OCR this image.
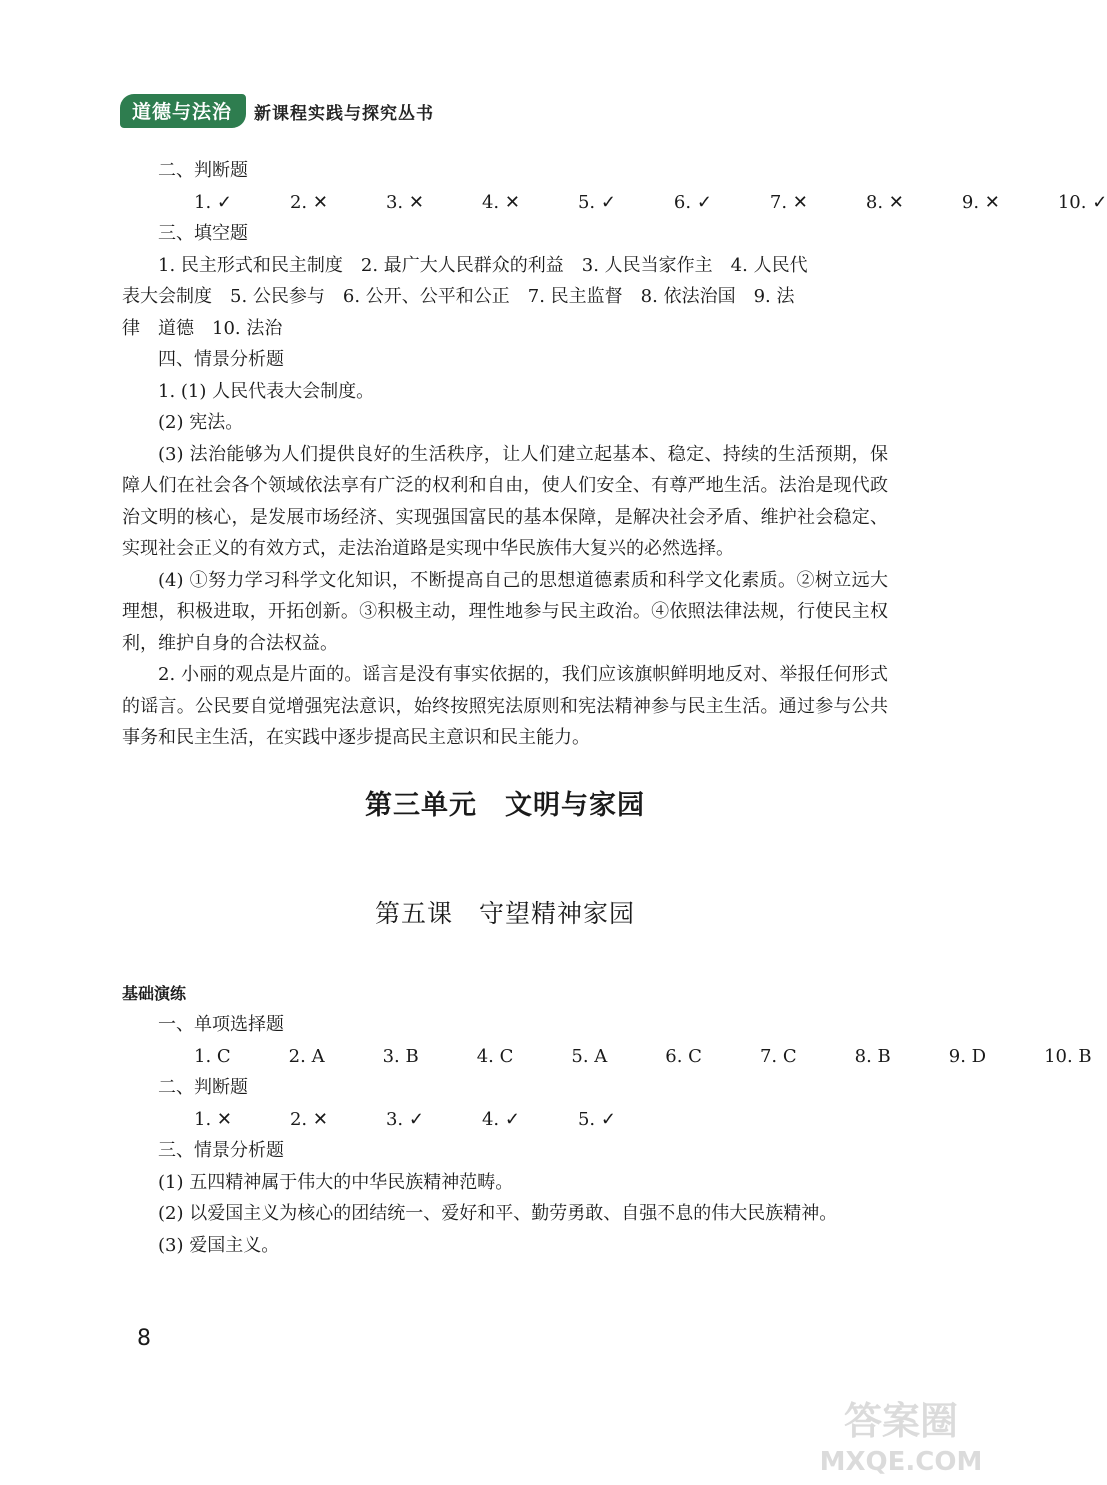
道德与法治	新课程实践与探究丛书

二、判断题

1. ✓	2. ✕	3. ✕	4. ✕	5. ✓	6. ✓	7. ✕	8. ✕	9. ✕	10. ✓

三、填空题

1. 民主形式和民主制度　2. 最广大人民群众的利益　3. 人民当家作主　4. 人民代

表大会制度　5. 公民参与　6. 公开、公平和公正　7. 民主监督　8. 依法治国　9. 法

律　道德　10. 法治

四、情景分析题

1. (1) 人民代表大会制度。

(2) 宪法。

(3) 法治能够为人们提供良好的生活秩序，让人们建立起基本、稳定、持续的生活预期，保障人们在社会各个领域依法享有广泛的权利和自由，使人们安全、有尊严地生活。法治是现代政治文明的核心，是发展市场经济、实现强国富民的基本保障，是解决社会矛盾、维护社会稳定、实现社会正义的有效方式，走法治道路是实现中华民族伟大复兴的必然选择。

(4) ①努力学习科学文化知识，不断提高自己的思想道德素质和科学文化素质。②树立远大理想，积极进取，开拓创新。③积极主动，理性地参与民主政治。④依照法律法规，行使民主权利，维护自身的合法权益。

2. 小丽的观点是片面的。谣言是没有事实依据的，我们应该旗帜鲜明地反对、举报任何形式的谣言。公民要自觉增强宪法意识，始终按照宪法原则和宪法精神参与民主生活。通过参与公共事务和民主生活，在实践中逐步提高民主意识和民主能力。

第三单元　文明与家园
第五课　守望精神家园
基础演练

一、单项选择题

1. C	2. A	3. B	4. C	5. A	6. C	7. C	8. B	9. D	10. B

二、判断题

1. ✕	2. ✕	3. ✓	4. ✓	5. ✓

三、情景分析题

(1) 五四精神属于伟大的中华民族精神范畴。

(2) 以爱国主义为核心的团结统一、爱好和平、勤劳勇敢、自强不息的伟大民族精神。

(3) 爱国主义。

8
答案圈
MXQE.COM
